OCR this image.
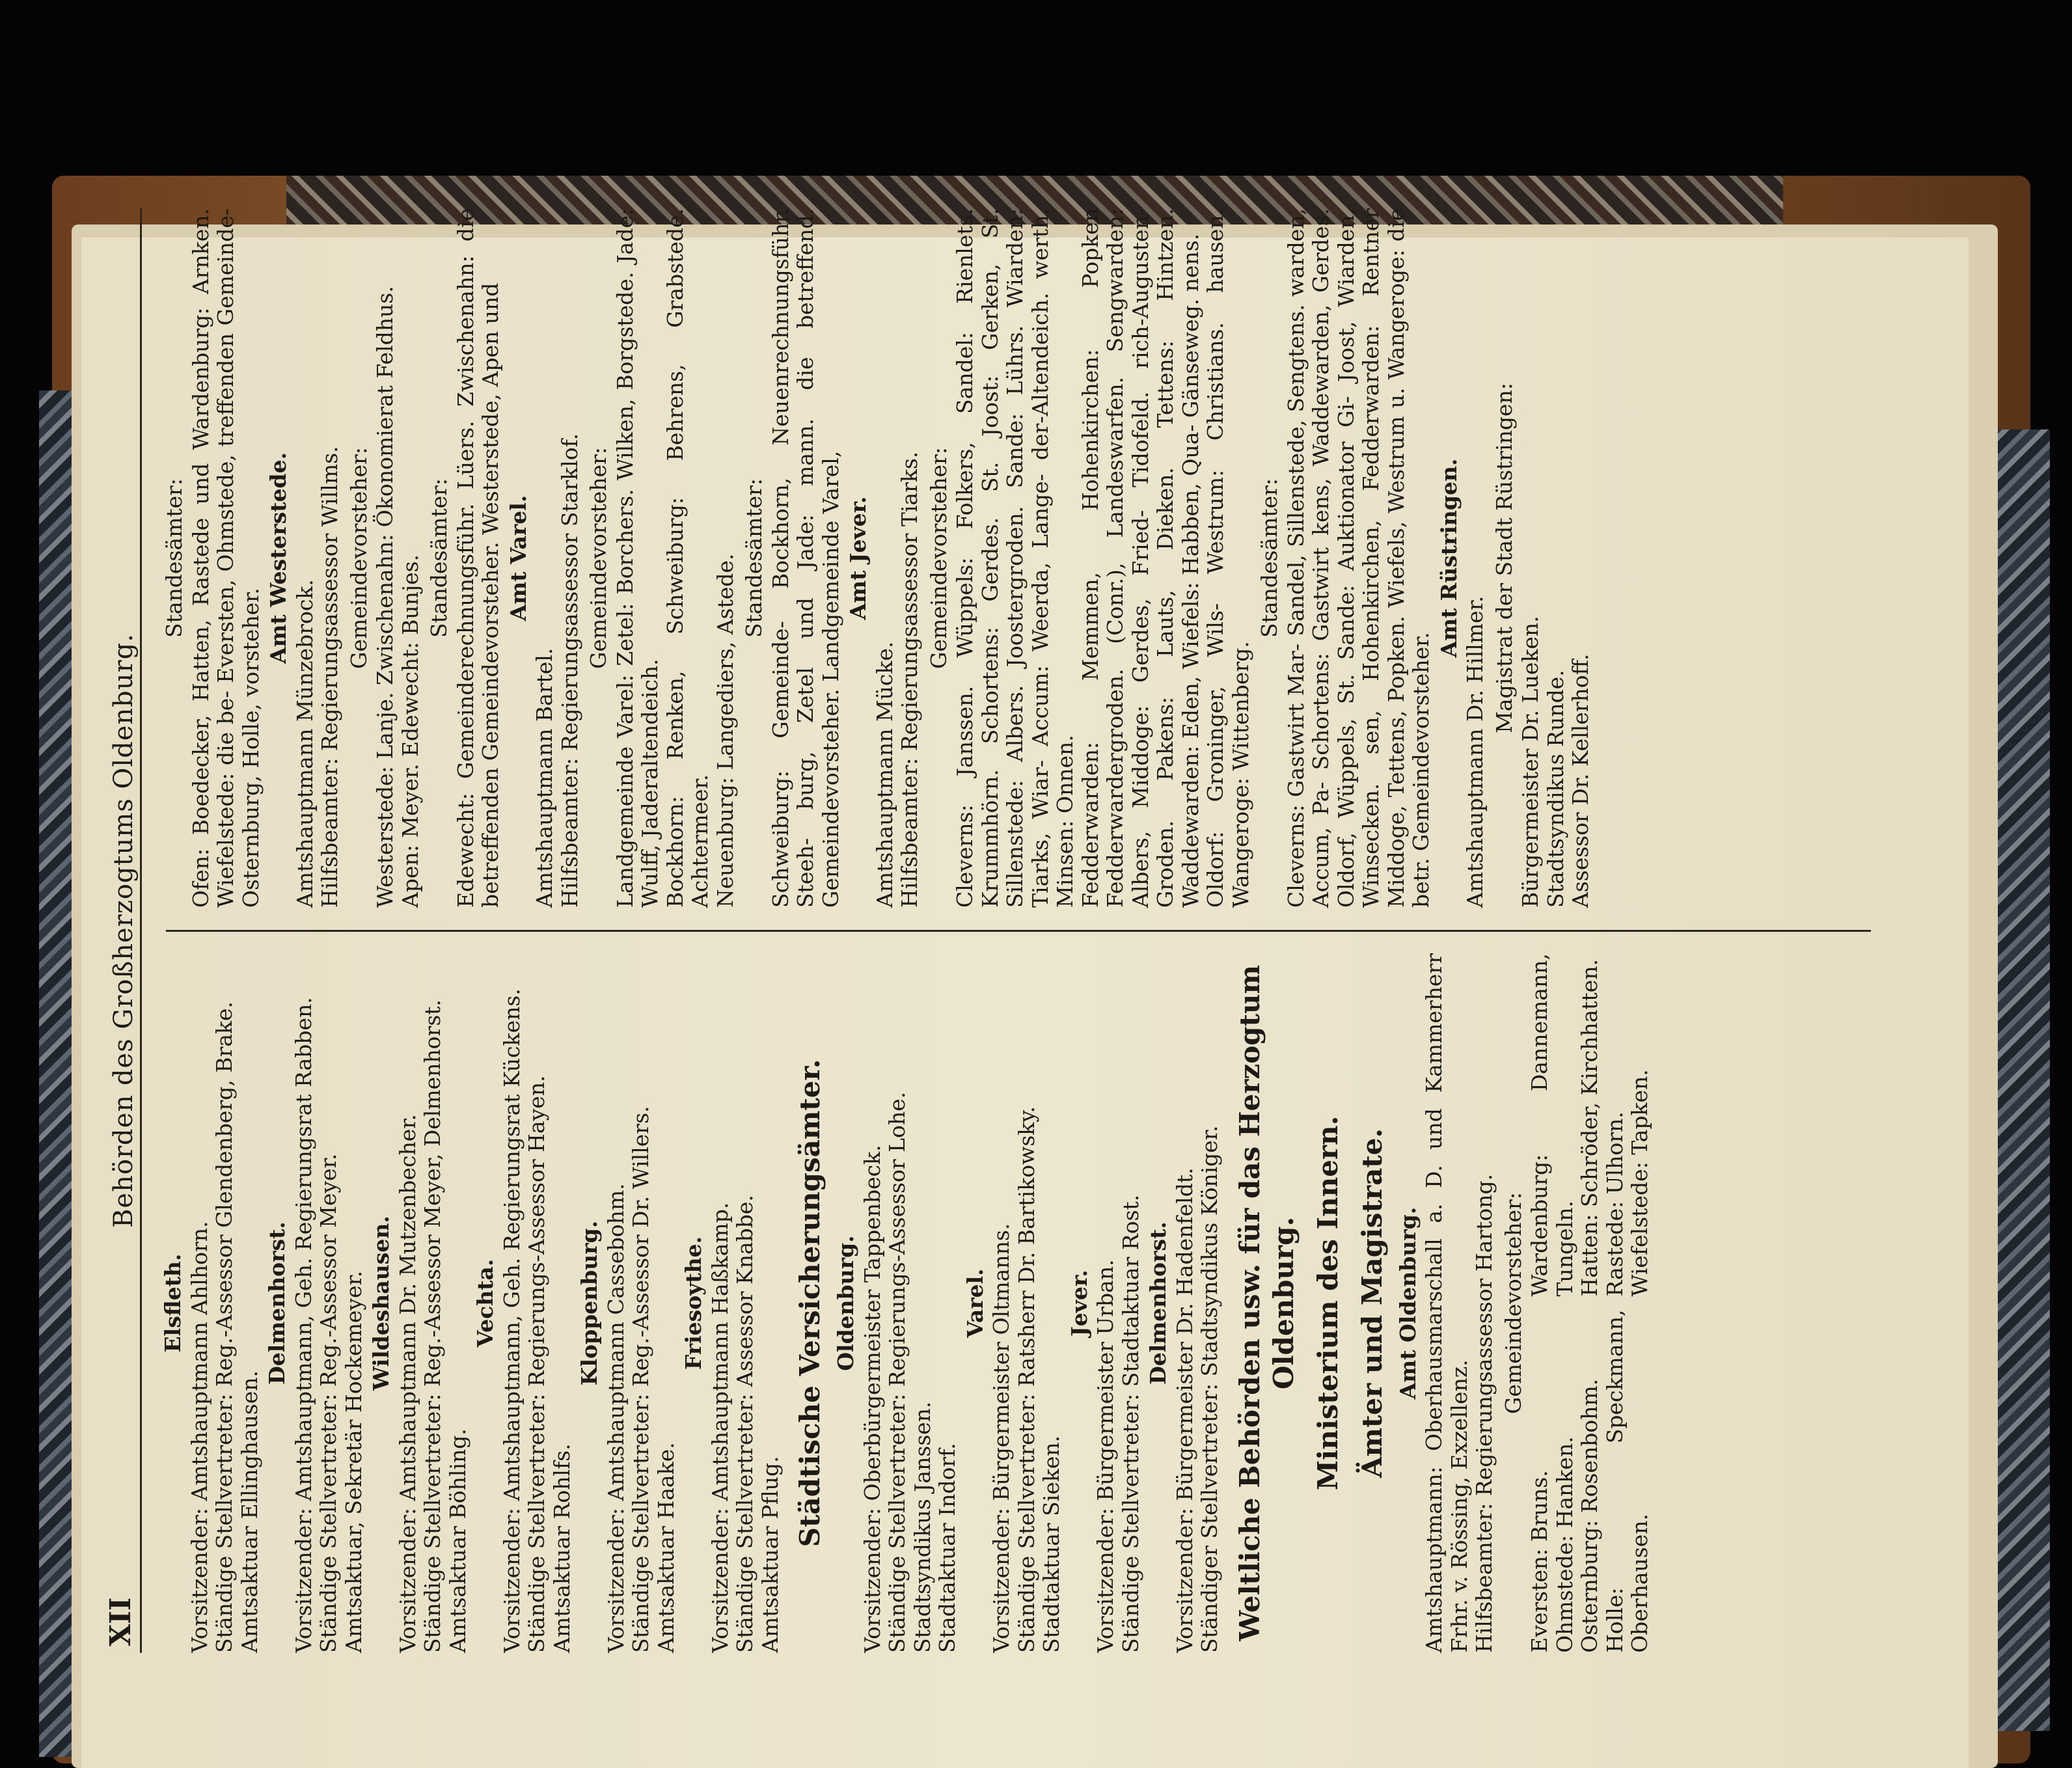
XII
Behörden des Großherzogtums Oldenburg.

Elsfleth. Vorsitzender: Amtshauptmann Ahlhorn. Ständige Stellvertreter: Reg.-Assessor Glendenberg, Brake. Amtsaktuar Ellinghausen.

Delmenhorst. Vorsitzender: Amtshauptmann, Geh. Regierungsrat Rabben. Ständige Stellvertreter: Reg.-Assessor Meyer. Amtsaktuar, Sekretär Hockemeyer. Wildeshausen. Vorsitzender: Amtshauptmann Dr. Mutzenbecher. Ständige Stellvertreter: Reg.-Assessor Meyer, Delmenhorst. Amtsaktuar Böhling.

Vechta. Vorsitzender: Amtshauptmann, Geh. Regierungsrat Kückens. Ständige Stellvertreter: Regierungs-Assessor Hayen. Amtsaktuar Rohlfs.

Kloppenburg. Vorsitzender: Amtshauptmann Cassebohm. Ständige Stellvertreter: Reg.-Assessor Dr. Willers. Amtsaktuar Haake.

Friesoythe. Vorsitzender: Amtshauptmann Haßkamp. Ständige Stellvertreter: Assessor Knabbe. Amtsaktuar Pflug.

Städtische Versicherungsämter. Oldenburg. Vorsitzender: Oberbürgermeister Tappenbeck. Ständige Stellvertreter: Regierungs-Assessor Lohe. Stadtsyndikus Janssen. Stadtaktuar Indorf.

Varel. Vorsitzender: Bürgermeister Oltmanns. Ständige Stellvertreter: Ratsherr Dr. Bartikowsky. Stadtaktuar Sieken.

Jever. Vorsitzender: Bürgermeister Urban. Ständige Stellvertreter: Stadtaktuar Rost. Delmenhorst. Vorsitzender: Bürgermeister Dr. Hadenfeldt. Ständiger Stellvertreter: Stadtsyndikus Königer. Weltliche Behörden usw. für das Herzogtum Oldenburg. Ministerium des Innern. Ämter und Magistrate. Amt Oldenburg. Amtshauptmann: Oberhausmarschall a. D. und Kammerherr Frhr. v. Rössing, Exzellenz. Hilfsbeamter: Regierungsassessor Hartong. Gemeindevorsteher:

Eversten: Bruns. Ohmstede: Hanken. Osternburg: Rosenbohm. Holle: Speckmann, Oberhausen.

Wardenburg: Dannemann, Tungeln. Hatten: Schröder, Kirchhatten. Rastede: Ulhorn. Wiefelstede: Tapken.

Standesämter: Ofen: Boedecker, Hatten, Rastede und Wardenburg: Arnken. Wiefelstede: die be- Eversten, Ohmstede, treffenden Gemeinde- Osternburg, Holle, vorsteher.

Amt Westerstede.

Amtshauptmann Münzebrock. Hilfsbeamter: Regierungsassessor Willms. Gemeindevorsteher: Westerstede: Lanje. Zwischenahn: Ökonomierat Feldhus. Apen: Meyer. Edewecht: Bunjes. Standesämter: Edewecht: Gemeinderechnungsführ. Lüers. Zwischenahn: die betreffenden Gemeindevorsteher. Westerstede, Apen und Amt Varel.

Amtshauptmann Bartel. Hilfsbeamter: Regierungsassessor Starklof. Gemeindevorsteher: Landgemeinde Varel: Zetel: Borchers. Wilken, Borgstede. Jade: Wulff, Jaderaltendeich. Bockhorn: Renken, Schweiburg: Behrens, Grabstede. Achtermeer. Neuenburg: Langediers, Astede. Standesämter: Schweiburg: Gemeinde- Bockhorn, Neuenrechnungsführ. Steeh- burg, Zetel und Jade: mann. die betreffend. Gemeindevorsteher. Landgemeinde Varel, Amt Jever.

Amtshauptmann Mücke. Hilfsbeamter: Regierungsassessor Tiarks. Gemeindevorsteher: Cleverns: Janssen. Wüppels: Folkers, Sandel: Rienlets. Krummhörn. Schortens: Gerdes. St. Joost: Gerken, St. Sillenstede: Albers. Joostergroden. Sande: Lührs. Wiarden: Tiarks, Wiar- Accum: Weerda, Lange- der-Altendeich. werth. Minsen: Onnen. Fedderwarden: Memmen, Hohenkirchen: Popken Fedderwardergroden. (Conr.), Landeswarfen. Sengwarden: Albers, Middoge: Gerdes, Fried- Tidofeld. rich-Augusten-Groden. Pakens: Lauts, Dieken. Tettens: Hintzen. Waddewarden: Eden, Wiefels: Habben, Qua- Gänseweg. nens. Oldorf: Groninger, Wils- Westrum: Christians. hausen. Wangeroge: Wittenberg.

Standesämter: Cleverns: Gastwirt Mar- Sandel, Sillenstede, Sengtens. warden, Accum, Pa- Schortens: Gastwirt kens, Waddewarden, Gerdes. Oldorf, Wüppels, St. Sande: Auktionator Gi- Joost, Wiarden, Winsecken. sen, Hohenkirchen, Fedderwarden: Rentner Middoge, Tettens, Popken. Wiefels, Westrum u. Wangeroge: die betr. Gemeindevorsteher.

Amt Rüstringen.

Amtshauptmann Dr. Hillmer.

Magistrat der Stadt Rüstringen:

Bürgermeister Dr. Lueken. Stadtsyndikus Runde. Assessor Dr. Kellerhoff.
